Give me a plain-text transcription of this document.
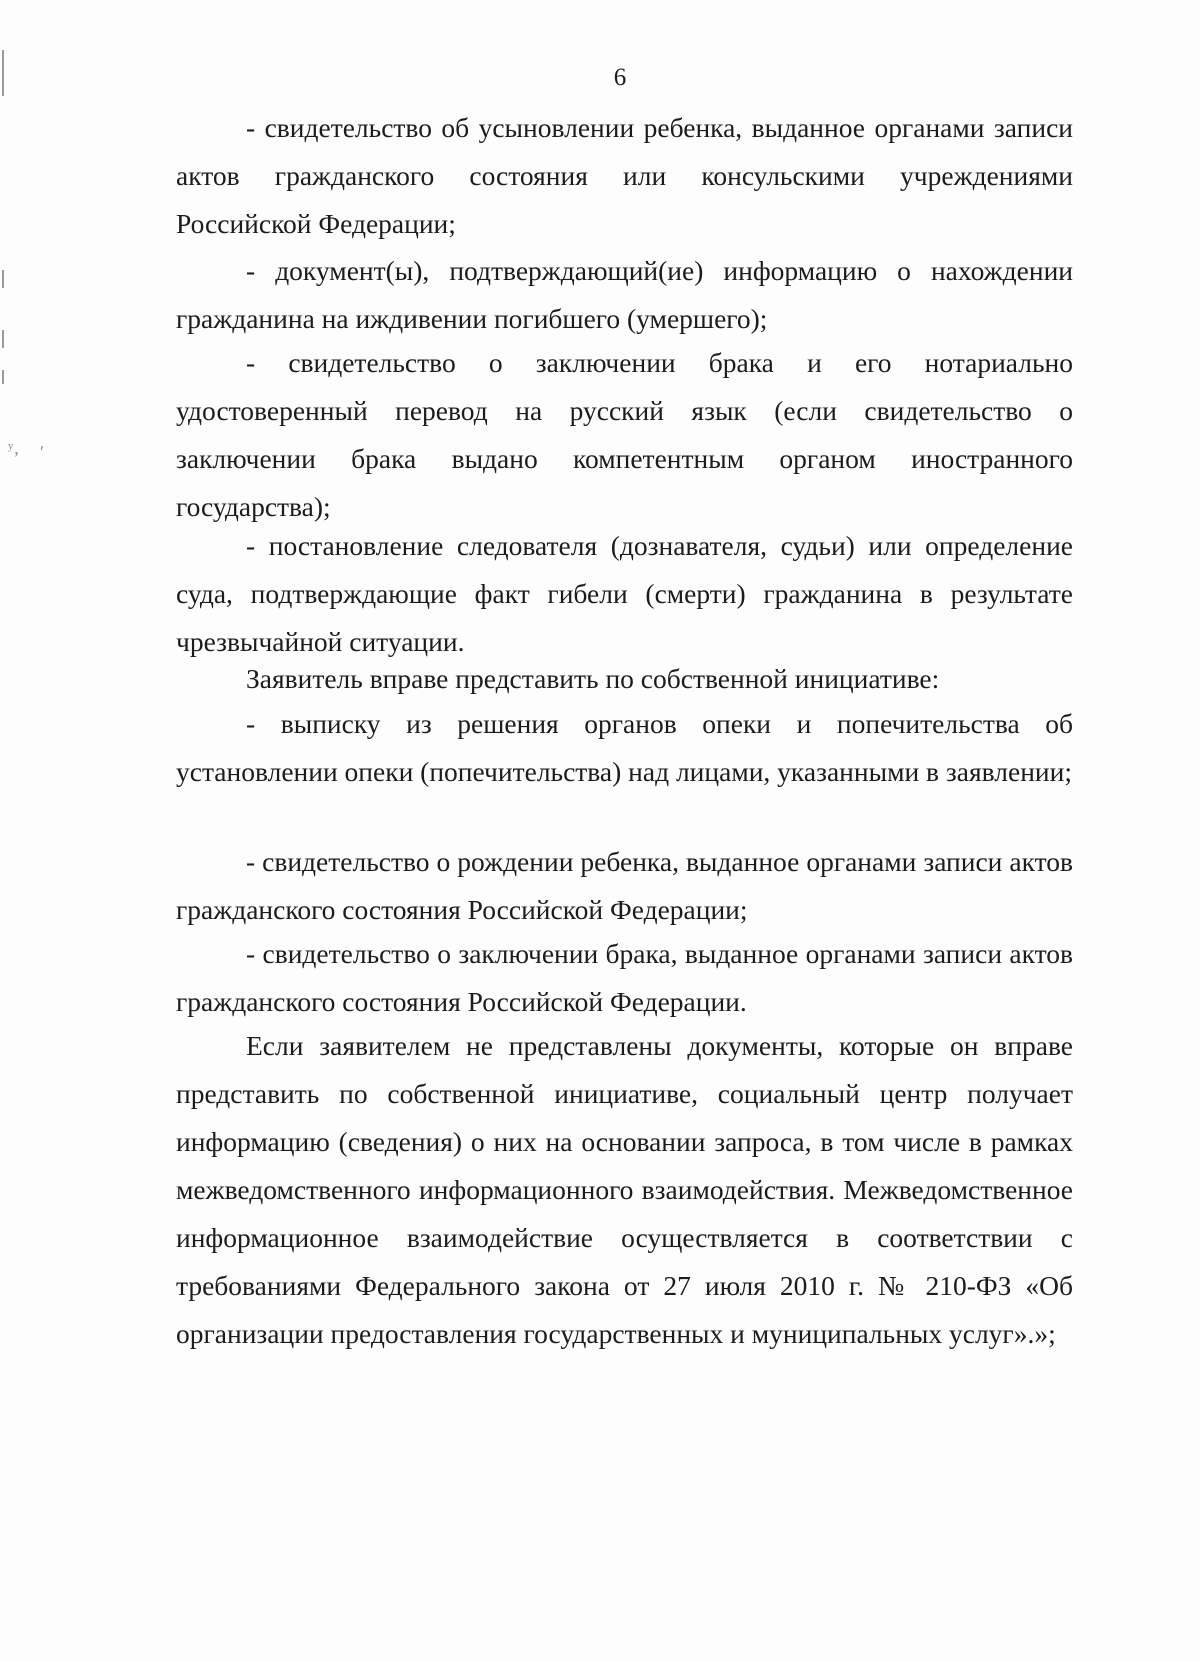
ʸ‚ ʹ
6

- свидетельство об усыновлении ребенка, выданное органами записи актов гражданского состояния или консульскими учреждениями Российской Федерации;

- документ(ы), подтверждающий(ие) информацию о нахождении гражданина на иждивении погибшего (умершего);

- свидетельство о заключении брака и его нотариально удостоверенный перевод на русский язык (если свидетельство о заключении брака выдано компетентным органом иностранного государства);

- постановление следователя (дознавателя, судьи) или определение суда, подтверждающие факт гибели (смерти) гражданина в результате чрезвычайной ситуации.

Заявитель вправе представить по собственной инициативе:

- выписку из решения органов опеки и попечительства об установлении опеки (попечительства) над лицами, указанными в заявлении;

- свидетельство о рождении ребенка, выданное органами записи актов гражданского состояния Российской Федерации;

- свидетельство о заключении брака, выданное органами записи актов гражданского состояния Российской Федерации.

Если заявителем не представлены документы, которые он вправе представить по собственной инициативе, социальный центр получает информацию (сведения) о них на основании запроса, в том числе в рамках межведомственного информационного взаимодействия. Межведомственное информационное взаимодействие осуществляется в соответствии с требованиями Федерального закона от 27 июля 2010 г. № 210-ФЗ «Об организации предоставления государственных и муниципальных услуг».»;
